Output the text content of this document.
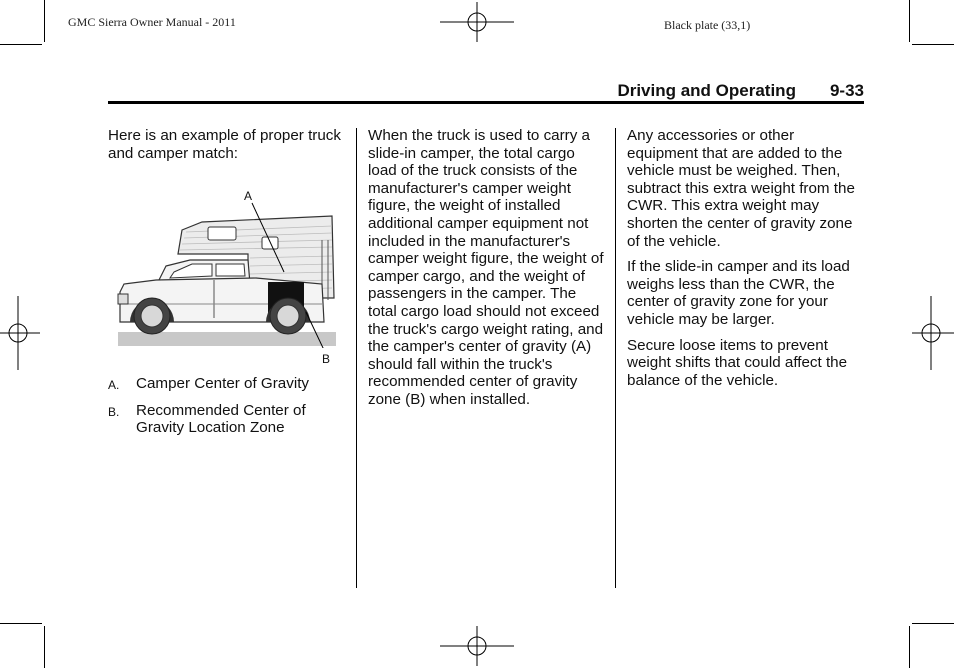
GMC Sierra Owner Manual - 2011	Black plate (33,1)
Driving and Operating 9-33

Here is an example of proper truck and camper match:

A
B
A.	Camper Center of Gravity
B.	Recommended Center of Gravity Location Zone

When the truck is used to carry a slide-in camper, the total cargo load of the truck consists of the manufacturer's camper weight figure, the weight of installed additional camper equipment not included in the manufacturer's camper weight figure, the weight of camper cargo, and the weight of passengers in the camper. The total cargo load should not exceed the truck's cargo weight rating, and the camper's center of gravity (A) should fall within the truck's recommended center of gravity zone (B) when installed.

Any accessories or other equipment that are added to the vehicle must be weighed. Then, subtract this extra weight from the CWR. This extra weight may shorten the center of gravity zone of the vehicle.

If the slide-in camper and its load weighs less than the CWR, the center of gravity zone for your vehicle may be larger.

Secure loose items to prevent weight shifts that could affect the balance of the vehicle.
